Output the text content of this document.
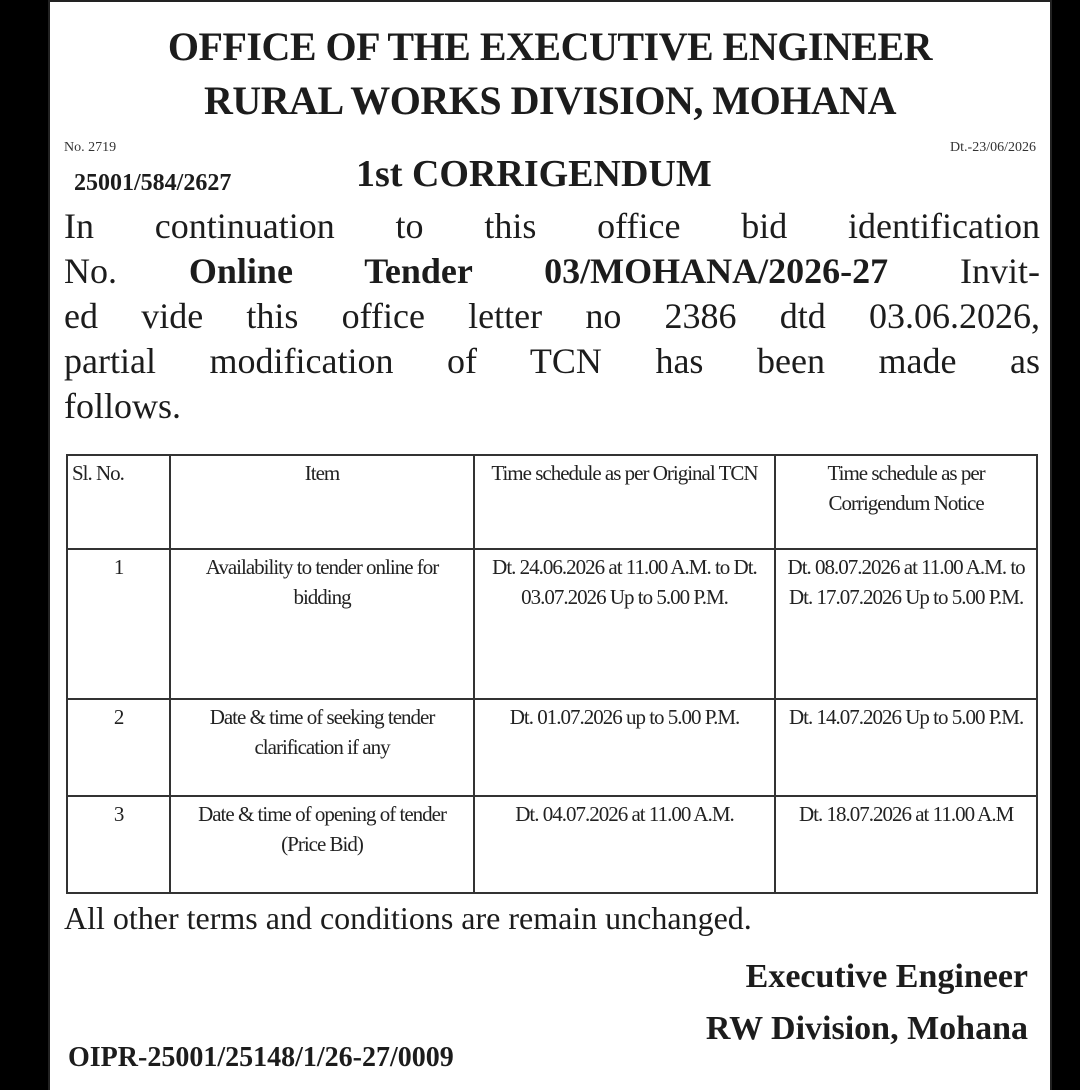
OFFICE OF THE EXECUTIVE ENGINEER

RURAL WORKS DIVISION, MOHANA

No. 2719	Dt.-23/06/2026
25001/584/2627	1st CORRIGENDUM

In continuation to this office bid identification
No. Online Tender 03/MOHANA/2026-27 Invit-
ed vide this office letter no 2386 dtd 03.06.2026,
partial modification of TCN has been made as
follows.

Sl. No.	Item	Time schedule as per Original TCN	Time schedule as per Corrigendum Notice
1	Availability to tender online for bidding	Dt. 24.06.2026 at 11.00 A.M. to Dt. 03.07.2026 Up to 5.00 P.M.	Dt. 08.07.2026 at 11.00 A.M. to Dt. 17.07.2026 Up to 5.00 P.M.
2	Date & time of seeking tender clarification if any	Dt. 01.07.2026 up to 5.00 P.M.	Dt. 14.07.2026 Up to 5.00 P.M.
3	Date & time of opening of tender (Price Bid)	Dt. 04.07.2026 at 11.00 A.M.	Dt. 18.07.2026 at 11.00 A.M

All other terms and conditions are remain unchanged.

Executive Engineer

RW Division, Mohana

OIPR-25001/25148/1/26-27/0009
